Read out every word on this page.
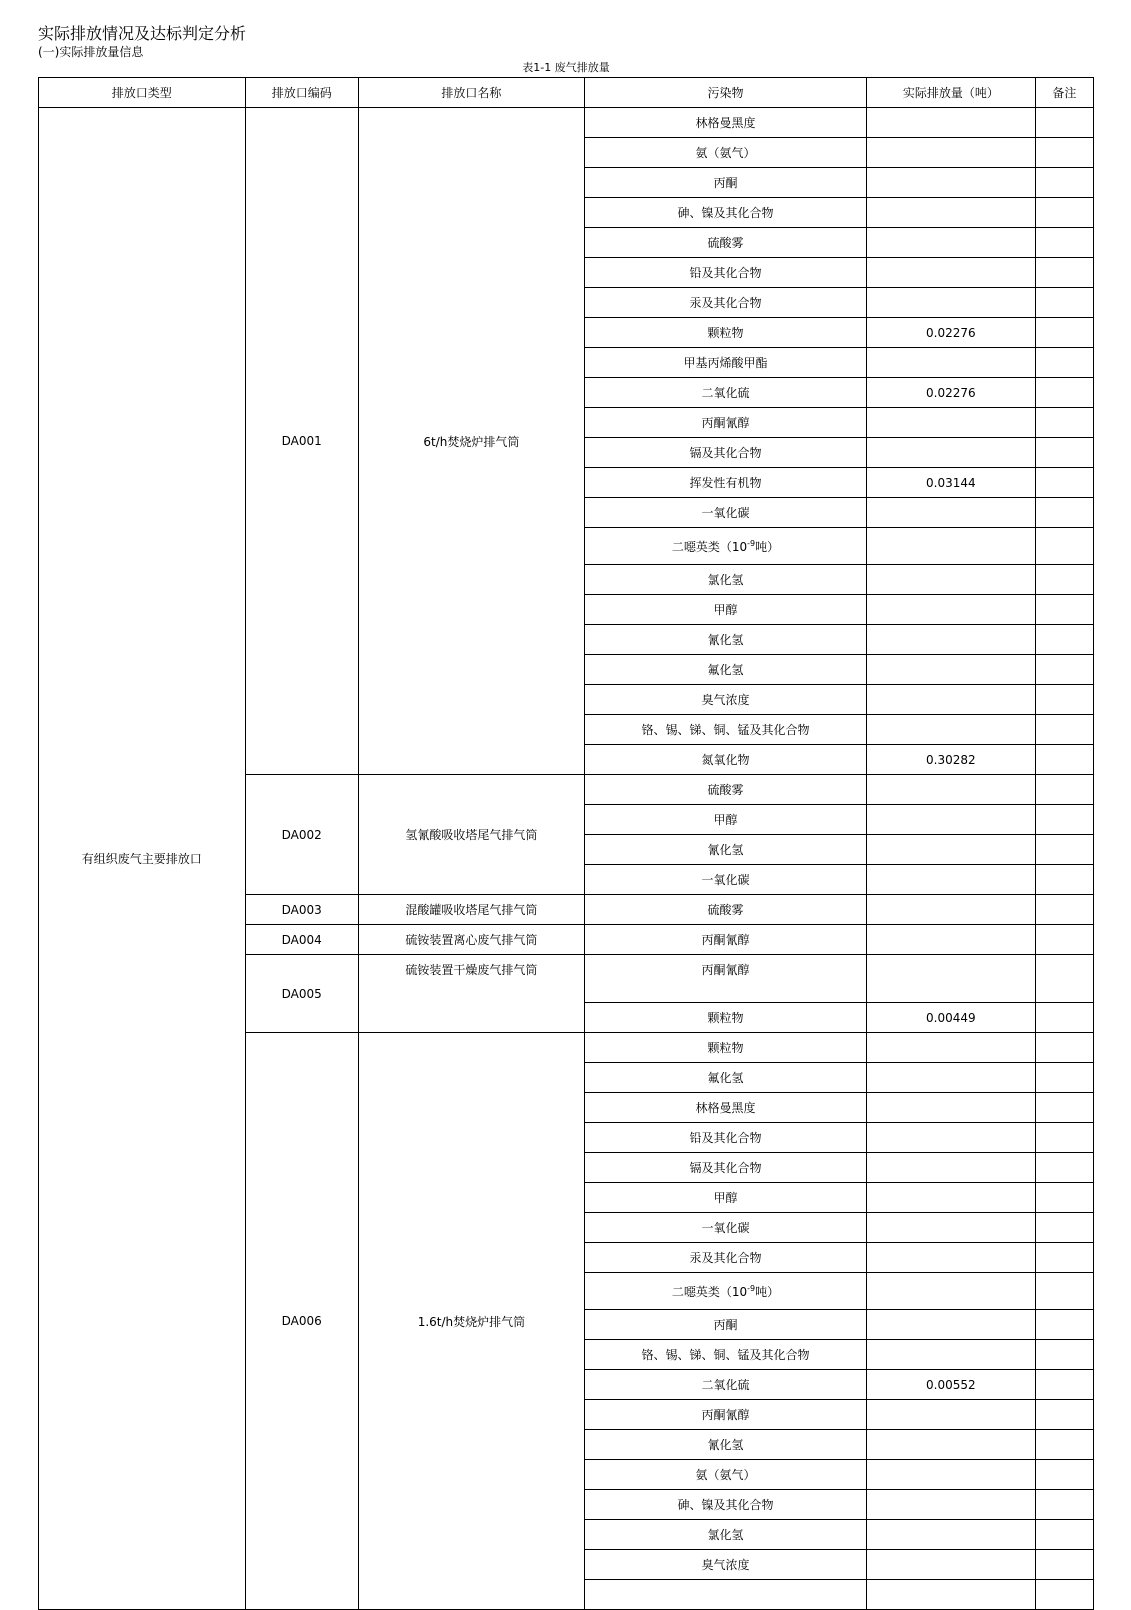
实际排放情况及达标判定分析
(一)实际排放量信息
表1-1 废气排放量
排放口类型	排放口编码	排放口名称	污染物	实际排放量（吨）	备注
有组织废气主要排放口	DA001	6t/h焚烧炉排气筒	林格曼黑度		
			氨（氨气）		
			丙酮		
			砷、镍及其化合物		
			硫酸雾		
			铅及其化合物		
			汞及其化合物		
			颗粒物	0.02276	
			甲基丙烯酸甲酯		
			二氧化硫	0.02276	
			丙酮氰醇		
			镉及其化合物		
			挥发性有机物	0.03144	
			一氧化碳		
			二噁英类（$10^{-9}$吨）		
			氯化氢		
			甲醇		
			氰化氢		
			氟化氢		
			臭气浓度		
			铬、锡、锑、铜、锰及其化合物		
			氮氧化物	0.30282	
	DA002	氢氰酸吸收塔尾气排气筒	硫酸雾		
			甲醇		
			氰化氢		
			一氧化碳		
	DA003	混酸罐吸收塔尾气排气筒	硫酸雾		
	DA004	硫铵装置离心废气排气筒	丙酮氰醇		
	DA005	硫铵装置干燥废气排气筒	丙酮氰醇		
			颗粒物	0.00449	
	DA006	1.6t/h焚烧炉排气筒	颗粒物		
			氟化氢		
			林格曼黑度		
			铅及其化合物		
			镉及其化合物		
			甲醇		
			一氧化碳		
			汞及其化合物		
			二噁英类（$10^{-9}$吨）		
			丙酮		
			铬、锡、锑、铜、锰及其化合物		
			二氧化硫	0.00552	
			丙酮氰醇		
			氰化氢		
			氨（氨气）		
			砷、镍及其化合物		
			氯化氢		
			臭气浓度		
